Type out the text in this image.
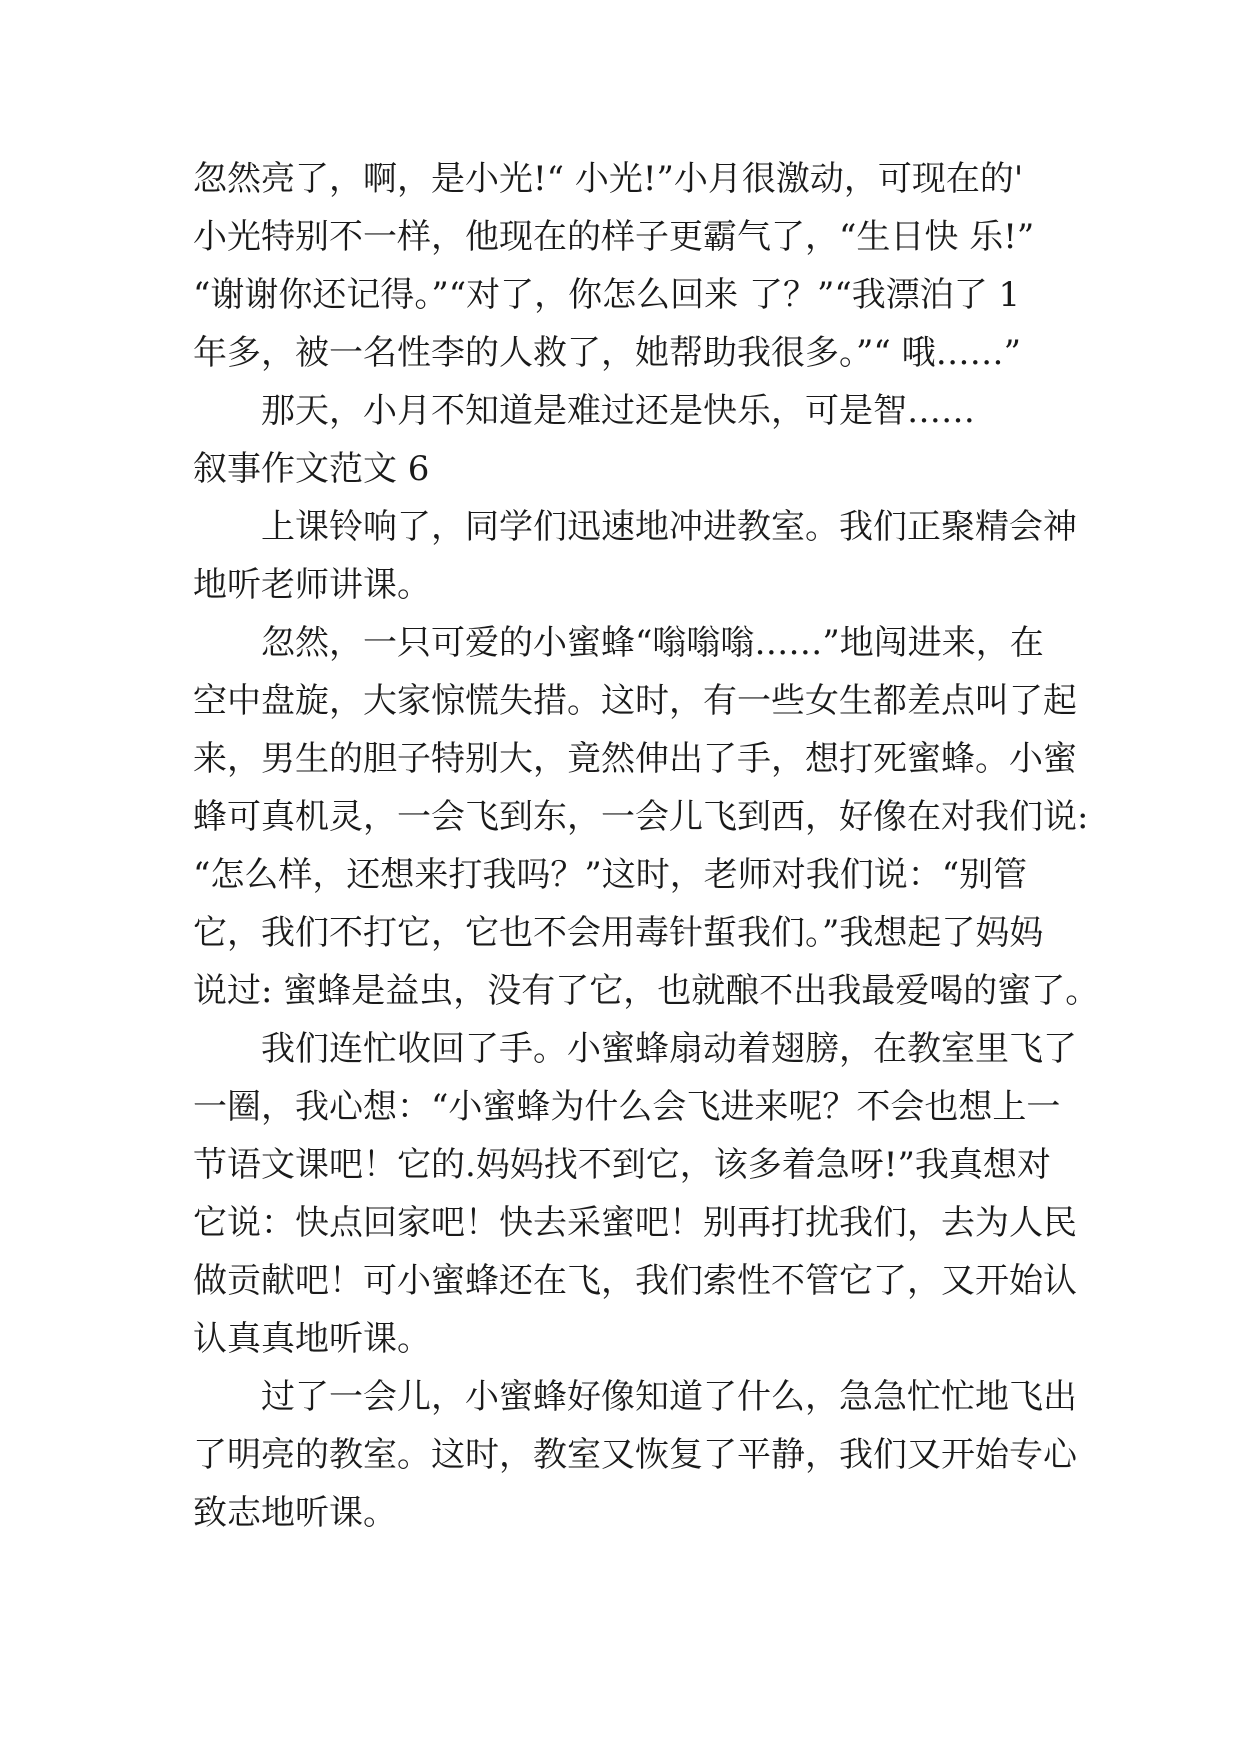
忽然亮了，啊，是小光!“ 小光!”小月很激动，可现在的'
小光特别不一样，他现在的样子更霸气了，“生日快 乐!”
“谢谢你还记得。”“对了，你怎么回来 了？”“我漂泊了 1
年多，被一名性李的人救了，她帮助我很多。”“ 哦……”
那天，小月不知道是难过还是快乐，可是智……
叙事作文范文 6
上课铃响了，同学们迅速地冲进教室。我们正聚精会神
地听老师讲课。
忽然，一只可爱的小蜜蜂“嗡嗡嗡……”地闯进来，在
空中盘旋，大家惊慌失措。这时，有一些女生都差点叫了起
来，男生的胆子特别大，竟然伸出了手，想打死蜜蜂。小蜜
蜂可真机灵，一会飞到东，一会儿飞到西，好像在对我们说:
“怎么样，还想来打我吗？”这时，老师对我们说：“别管
它，我们不打它，它也不会用毒针蜇我们。”我想起了妈妈
说过: 蜜蜂是益虫，没有了它，也就酿不出我最爱喝的蜜了。
我们连忙收回了手。小蜜蜂扇动着翅膀，在教室里飞了
一圈，我心想：“小蜜蜂为什么会飞进来呢？不会也想上一
节语文课吧！它的.妈妈找不到它，该多着急呀!”我真想对
它说：快点回家吧！快去采蜜吧！别再打扰我们，去为人民
做贡献吧！可小蜜蜂还在飞，我们索性不管它了，又开始认
认真真地听课。
过了一会儿，小蜜蜂好像知道了什么，急急忙忙地飞出
了明亮的教室。这时，教室又恢复了平静，我们又开始专心
致志地听课。
